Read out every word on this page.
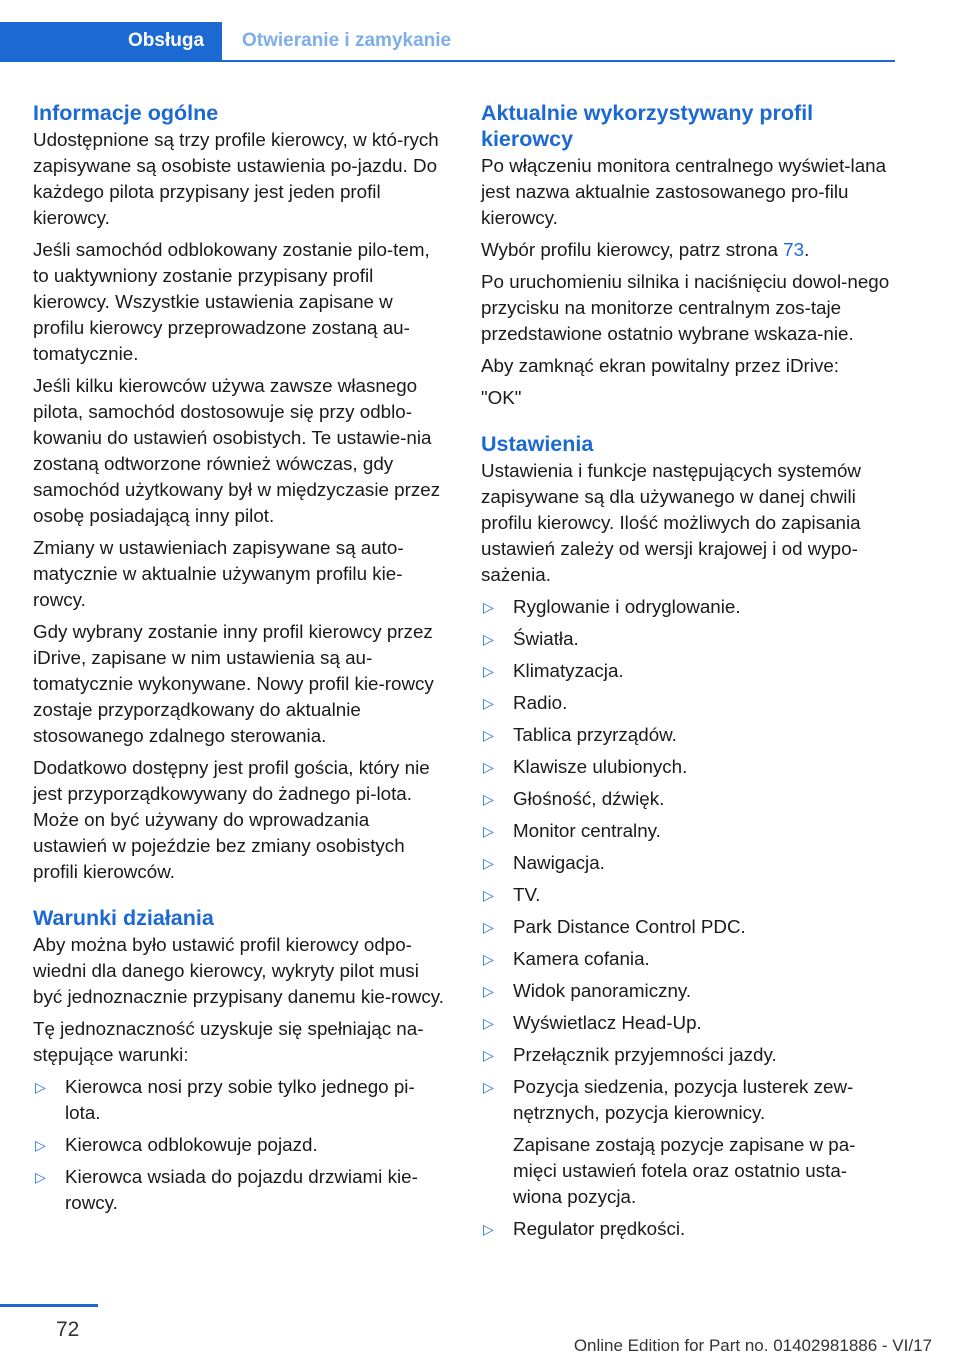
Obsługa	Otwieranie i zamykanie
Informacje ogólne

Udostępnione są trzy profile kierowcy, w któ-rych zapisywane są osobiste ustawienia po-jazdu. Do każdego pilota przypisany jest jeden profil kierowcy.

Jeśli samochód odblokowany zostanie pilo-tem, to uaktywniony zostanie przypisany profil kierowcy. Wszystkie ustawienia zapisane w profilu kierowcy przeprowadzone zostaną au-tomatycznie.

Jeśli kilku kierowców używa zawsze własnego pilota, samochód dostosowuje się przy odblo-kowaniu do ustawień osobistych. Te ustawie-nia zostaną odtworzone również wówczas, gdy samochód użytkowany był w międzyczasie przez osobę posiadającą inny pilot.

Zmiany w ustawieniach zapisywane są auto-matycznie w aktualnie używanym profilu kie-rowcy.

Gdy wybrany zostanie inny profil kierowcy przez iDrive, zapisane w nim ustawienia są au-tomatycznie wykonywane. Nowy profil kie-rowcy zostaje przyporządkowany do aktualnie stosowanego zdalnego sterowania.

Dodatkowo dostępny jest profil gościa, który nie jest przyporządkowywany do żadnego pi-lota. Może on być używany do wprowadzania ustawień w pojeździe bez zmiany osobistych profili kierowców.

Warunki działania

Aby można było ustawić profil kierowcy odpo-wiedni dla danego kierowcy, wykryty pilot musi być jednoznacznie przypisany danemu kie-rowcy.

Tę jednoznaczność uzyskuje się spełniając na-stępujące warunki:

▷ Kierowca nosi przy sobie tylko jednego pi-lota.
▷ Kierowca odblokowuje pojazd.
▷ Kierowca wsiada do pojazdu drzwiami kie-rowcy.
Aktualnie wykorzystywany profil kierowcy

Po włączeniu monitora centralnego wyświet-lana jest nazwa aktualnie zastosowanego pro-filu kierowcy.

Wybór profilu kierowcy, patrz strona 73.

Po uruchomieniu silnika i naciśnięciu dowol-nego przycisku na monitorze centralnym zos-taje przedstawione ostatnio wybrane wskaza-nie.

Aby zamknąć ekran powitalny przez iDrive:

"OK"

Ustawienia

Ustawienia i funkcje następujących systemów zapisywane są dla używanego w danej chwili profilu kierowcy. Ilość możliwych do zapisania ustawień zależy od wersji krajowej i od wypo-sażenia.

▷ Ryglowanie i odryglowanie.
▷ Światła.
▷ Klimatyzacja.
▷ Radio.
▷ Tablica przyrządów.
▷ Klawisze ulubionych.
▷ Głośność, dźwięk.
▷ Monitor centralny.
▷ Nawigacja.
▷ TV.
▷ Park Distance Control PDC.
▷ Kamera cofania.
▷ Widok panoramiczny.
▷ Wyświetlacz Head-Up.
▷ Przełącznik przyjemności jazdy.
▷ Pozycja siedzenia, pozycja lusterek zew-nętrznych, pozycja kierownicy.
Zapisane zostają pozycje zapisane w pa-mięci ustawień fotela oraz ostatnio usta-wiona pozycja.
▷ Regulator prędkości.
72
Online Edition for Part no. 01402981886 - VI/17
